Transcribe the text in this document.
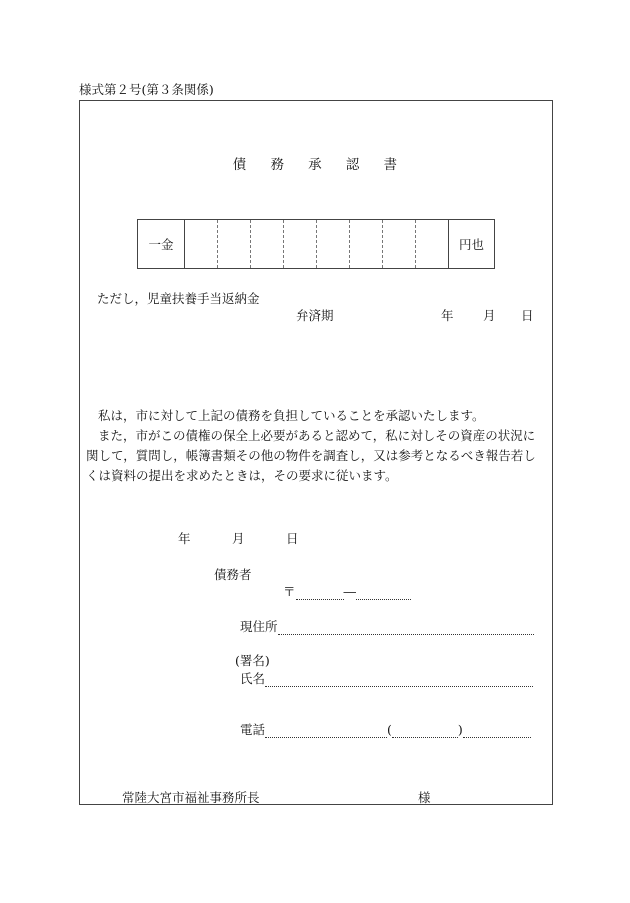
様式第２号(第３条関係)
債 務 承 認 書
一金	円也
ただし，児童扶養手当返納金
弁済期	年 月 日
私は，市に対して上記の債務を負担していることを承認いたします。
また，市がこの債権の保全上必要があると認めて，私に対しその資産の状況に関して，質問し，帳簿書類その他の物件を調査し，又は参考となるべき報告若しくは資料の提出を求めたときは，その要求に従います。
年	月	日
債務者
〒	―
現住所
(署名)
氏名
電話	(	)
常陸大宮市福祉事務所長	様
